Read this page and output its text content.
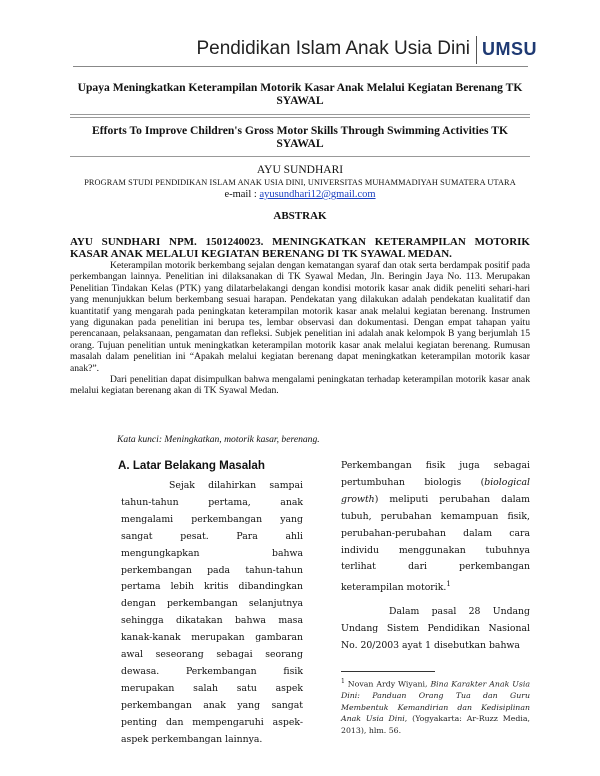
Pendidikan Islam Anak Usia Dini UMSU
Upaya Meningkatkan Keterampilan Motorik Kasar Anak Melalui Kegiatan Berenang TK SYAWAL
Efforts To Improve Children's Gross Motor Skills Through Swimming Activities TK SYAWAL
AYU SUNDHARI
PROGRAM STUDI PENDIDIKAN ISLAM ANAK USIA DINI, UNIVERSITAS MUHAMMADIYAH SUMATERA UTARA
e-mail : ayusundhari12@gmail.com
ABSTRAK
AYU SUNDHARI NPM. 1501240023. MENINGKATKAN KETERAMPILAN MOTORIK KASAR ANAK MELALUI KEGIATAN BERENANG DI TK SYAWAL MEDAN.

Keterampilan motorik berkembang sejalan dengan kematangan syaraf dan otak serta berdampak positif pada perkembangan lainnya. Penelitian ini dilaksanakan di TK Syawal Medan, Jln. Beringin Jaya No. 113. Merupakan Penelitian Tindakan Kelas (PTK) yang dilatarbelakangi dengan kondisi motorik kasar anak didik peneliti sehari-hari yang menunjukkan belum berkembang sesuai harapan. Pendekatan yang dilakukan adalah pendekatan kualitatif dan kuantitatif yang mengarah pada peningkatan keterampilan motorik kasar anak melalui kegiatan berenang. Instrumen yang digunakan pada penelitian ini berupa tes, lembar observasi dan dokumentasi. Dengan empat tahapan yaitu perencanaan, pelaksanaan, pengamatan dan refleksi. Subjek penelitian ini adalah anak kelompok B yang berjumlah 15 orang. Tujuan penelitian untuk meningkatkan keterampilan motorik kasar anak melalui kegiatan berenang. Rumusan masalah dalam penelitian ini “Apakah melalui kegiatan berenang dapat meningkatkan keterampilan motorik kasar anak?”.

Dari penelitian dapat disimpulkan bahwa mengalami peningkatan terhadap keterampilan motorik kasar anak melalui kegiatan berenang akan di TK Syawal Medan.

Kata kunci: Meningkatkan, motorik kasar, berenang.
A. Latar Belakang Masalah

Sejak dilahirkan sampai tahun-tahun pertama, anak mengalami perkembangan yang sangat pesat. Para ahli mengungkapkan bahwa perkembangan pada tahun-tahun pertama lebih kritis dibandingkan dengan perkembangan selanjutnya sehingga dikatakan bahwa masa kanak-kanak merupakan gambaran awal seseorang sebagai seorang dewasa. Perkembangan fisik merupakan salah satu aspek perkembangan anak yang sangat penting dan mempengaruhi aspek-aspek perkembangan lainnya.

Perkembangan fisik juga sebagai pertumbuhan biologis (biological growth) meliputi perubahan dalam tubuh, perubahan kemampuan fisik, perubahan-perubahan dalam cara individu menggunakan tubuhnya terlihat dari perkembangan keterampilan motorik.$^1$

Dalam pasal 28 Undang Undang Sistem Pendidikan Nasional No. 20/2003 ayat 1 disebutkan bahwa

$^1$ Novan Ardy Wiyani, Bina Karakter Anak Usia Dini: Panduan Orang Tua dan Guru Membentuk Kemandirian dan Kedisiplinan Anak Usia Dini, (Yogyakarta: Ar-Ruzz Media, 2013), hlm. 56.
